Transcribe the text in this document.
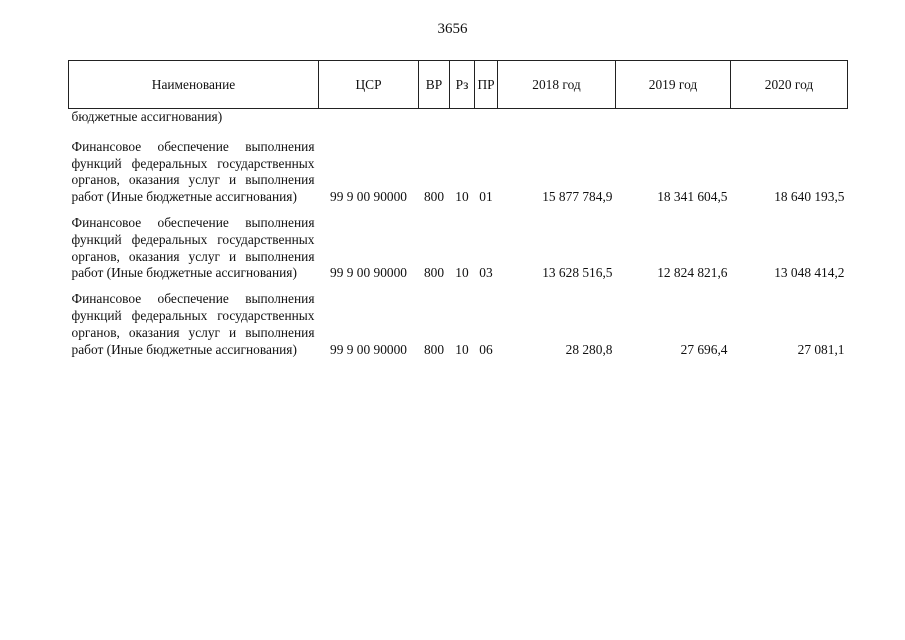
3656
Наименование	ЦСР	ВР	Рз	ПР	2018 год	2019 год	2020 год
бюджетные ассигнования)							
Финансовое обеспечение выполнения функций федеральных государственных органов, оказания услуг и выполнения работ (Иные бюджетные ассигнования)	99 9 00 90000	800	10	01	15 877 784,9	18 341 604,5	18 640 193,5
Финансовое обеспечение выполнения функций федеральных государственных органов, оказания услуг и выполнения работ (Иные бюджетные ассигнования)	99 9 00 90000	800	10	03	13 628 516,5	12 824 821,6	13 048 414,2
Финансовое обеспечение выполнения функций федеральных государственных органов, оказания услуг и выполнения работ (Иные бюджетные ассигнования)	99 9 00 90000	800	10	06	28 280,8	27 696,4	27 081,1
